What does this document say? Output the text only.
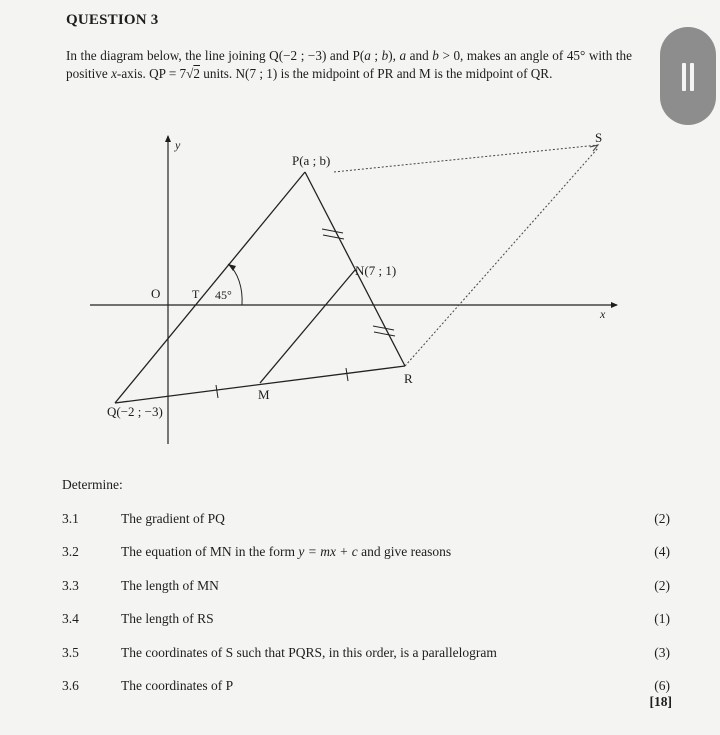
QUESTION 3
In the diagram below, the line joining Q(−2 ; −3) and P(a ; b), a and b > 0, makes an angle of 45° with the positive x-axis. QP = 7√2 units. N(7 ; 1) is the midpoint of PR and M is the midpoint of QR.
y
x
O	T 45°
P(a ; b)
N(7 ; 1)
Q(−2 ; −3)
M
R
S
Determine:
3.1	The gradient of PQ	(2)
3.2	The equation of MN in the form y = mx + c and give reasons	(4)
3.3	The length of MN	(2)
3.4	The length of RS	(1)
3.5	The coordinates of S such that PQRS, in this order, is a parallelogram	(3)
3.6	The coordinates of P	(6)
[18]
